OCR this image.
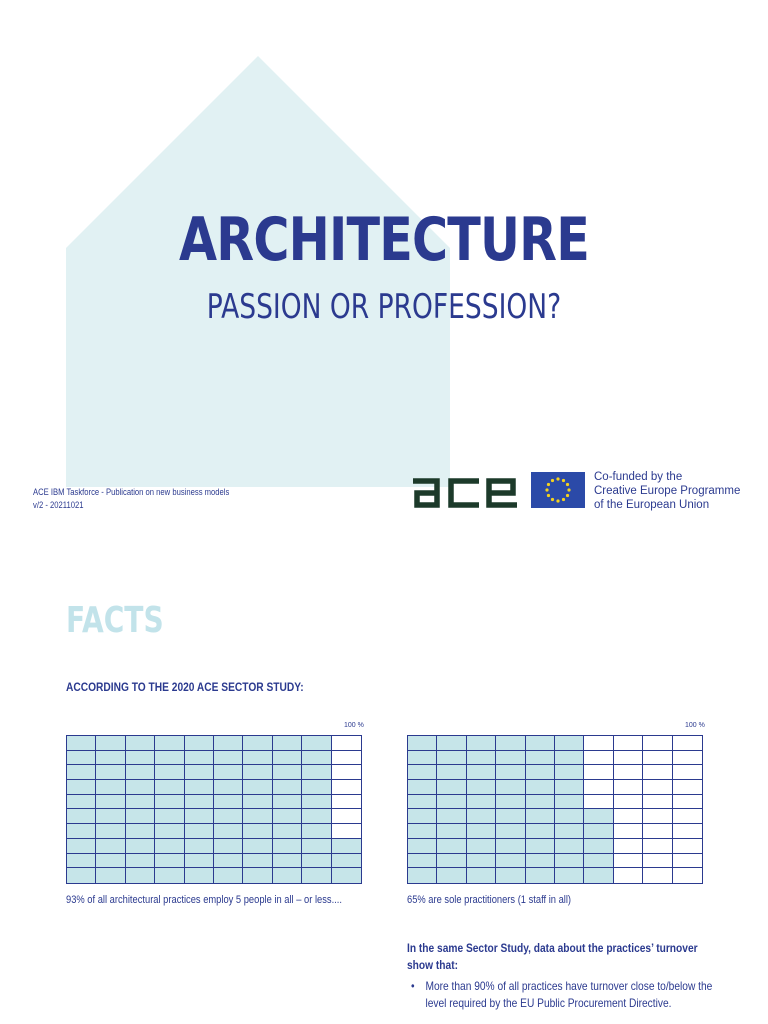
ARCHITECTURE
PASSION OR PROFESSION?
ACE IBM Taskforce - Publication on new business models
v/2 - 20211021
Co-funded by the
Creative Europe Programme
of the European Union
FACTS
ACCORDING TO THE 2020 ACE SECTOR STUDY:
100 %
93% of all architectural practices employ 5 people in all – or less....
100 %
65% are sole practitioners (1 staff in all)
In the same Sector Study, data about the practices’ turnover show that:
• More than 90% of all practices have turnover close to/below the level required by the EU Public Procurement Directive.
